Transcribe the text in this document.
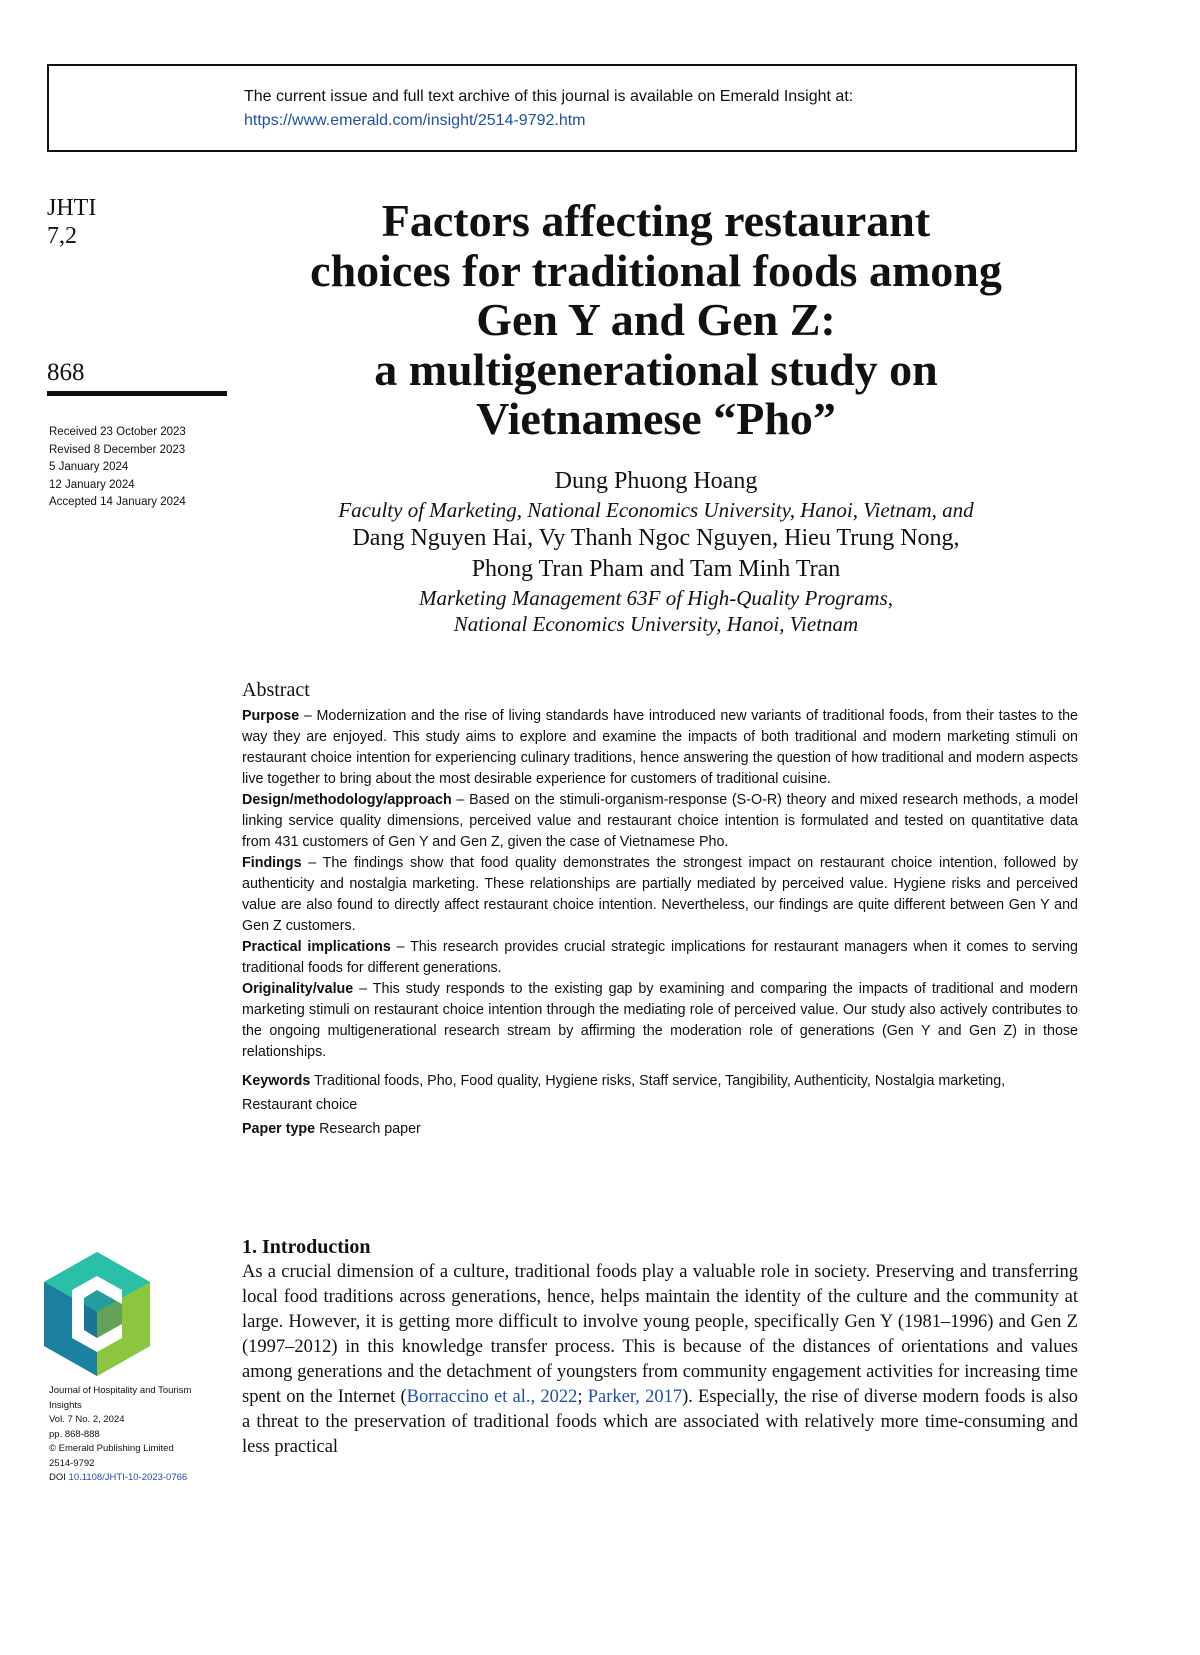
The current issue and full text archive of this journal is available on Emerald Insight at:
https://www.emerald.com/insight/2514-9792.htm
JHTI
7,2
868
Received 23 October 2023
Revised 8 December 2023
5 January 2024
12 January 2024
Accepted 14 January 2024
Factors affecting restaurant
choices for traditional foods among
Gen Y and Gen Z:
a multigenerational study on
Vietnamese “Pho”
Dung Phuong Hoang
Faculty of Marketing, National Economics University, Hanoi, Vietnam, and
Dang Nguyen Hai, Vy Thanh Ngoc Nguyen, Hieu Trung Nong,
Phong Tran Pham and Tam Minh Tran
Marketing Management 63F of High-Quality Programs,
National Economics University, Hanoi, Vietnam
Abstract

Purpose – Modernization and the rise of living standards have introduced new variants of traditional foods, from their tastes to the way they are enjoyed. This study aims to explore and examine the impacts of both traditional and modern marketing stimuli on restaurant choice intention for experiencing culinary traditions, hence answering the question of how traditional and modern aspects live together to bring about the most desirable experience for customers of traditional cuisine.

Design/methodology/approach – Based on the stimuli-organism-response (S-O-R) theory and mixed research methods, a model linking service quality dimensions, perceived value and restaurant choice intention is formulated and tested on quantitative data from 431 customers of Gen Y and Gen Z, given the case of Vietnamese Pho.

Findings – The findings show that food quality demonstrates the strongest impact on restaurant choice intention, followed by authenticity and nostalgia marketing. These relationships are partially mediated by perceived value. Hygiene risks and perceived value are also found to directly affect restaurant choice intention. Nevertheless, our findings are quite different between Gen Y and Gen Z customers.

Practical implications – This research provides crucial strategic implications for restaurant managers when it comes to serving traditional foods for different generations.

Originality/value – This study responds to the existing gap by examining and comparing the impacts of traditional and modern marketing stimuli on restaurant choice intention through the mediating role of perceived value. Our study also actively contributes to the ongoing multigenerational research stream by affirming the moderation role of generations (Gen Y and Gen Z) in those relationships.

Keywords Traditional foods, Pho, Food quality, Hygiene risks, Staff service, Tangibility, Authenticity, Nostalgia marketing, Restaurant choice

Paper type Research paper

Journal of Hospitality and Tourism
Insights
Vol. 7 No. 2, 2024
pp. 868-888
© Emerald Publishing Limited
2514-9792
DOI 10.1108/JHTI-10-2023-0766
1. Introduction

As a crucial dimension of a culture, traditional foods play a valuable role in society. Preserving and transferring local food traditions across generations, hence, helps maintain the identity of the culture and the community at large. However, it is getting more difficult to involve young people, specifically Gen Y (1981–1996) and Gen Z (1997–2012) in this knowledge transfer process. This is because of the distances of orientations and values among generations and the detachment of youngsters from community engagement activities for increasing time spent on the Internet (Borraccino et al., 2022; Parker, 2017). Especially, the rise of diverse modern foods is also a threat to the preservation of traditional foods which are associated with relatively more time-consuming and less practical
